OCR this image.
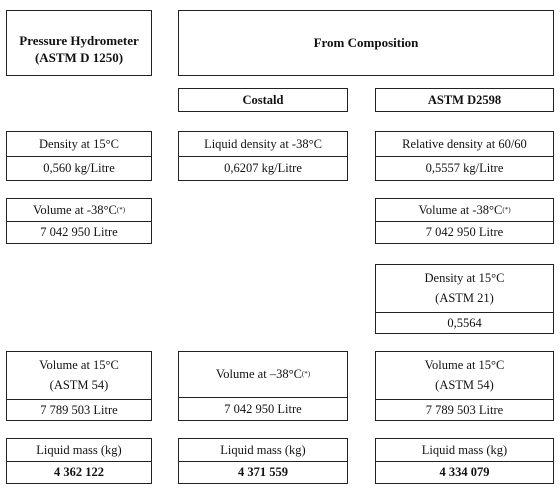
Pressure Hydrometer
(ASTM D 1250)
From Composition
Costald	ASTM D2598
Density at 15°C
0,560 kg/Litre
Liquid density at -38°C
0,6207 kg/Litre
Relative density at 60/60
0,5557 kg/Litre
Volume at -38°C (*)
7 042 950 Litre
Volume at -38°C (*)
7 042 950 Litre
Density at 15°C
(ASTM 21)
0,5564
Volume at 15°C
(ASTM 54)
7 789 503 Litre
Volume at –38°C (*)
7 042 950 Litre
Volume at 15°C
(ASTM 54)
7 789 503 Litre
Liquid mass (kg)
4 362 122
Liquid mass (kg)
4 371 559
Liquid mass (kg)
4 334 079
